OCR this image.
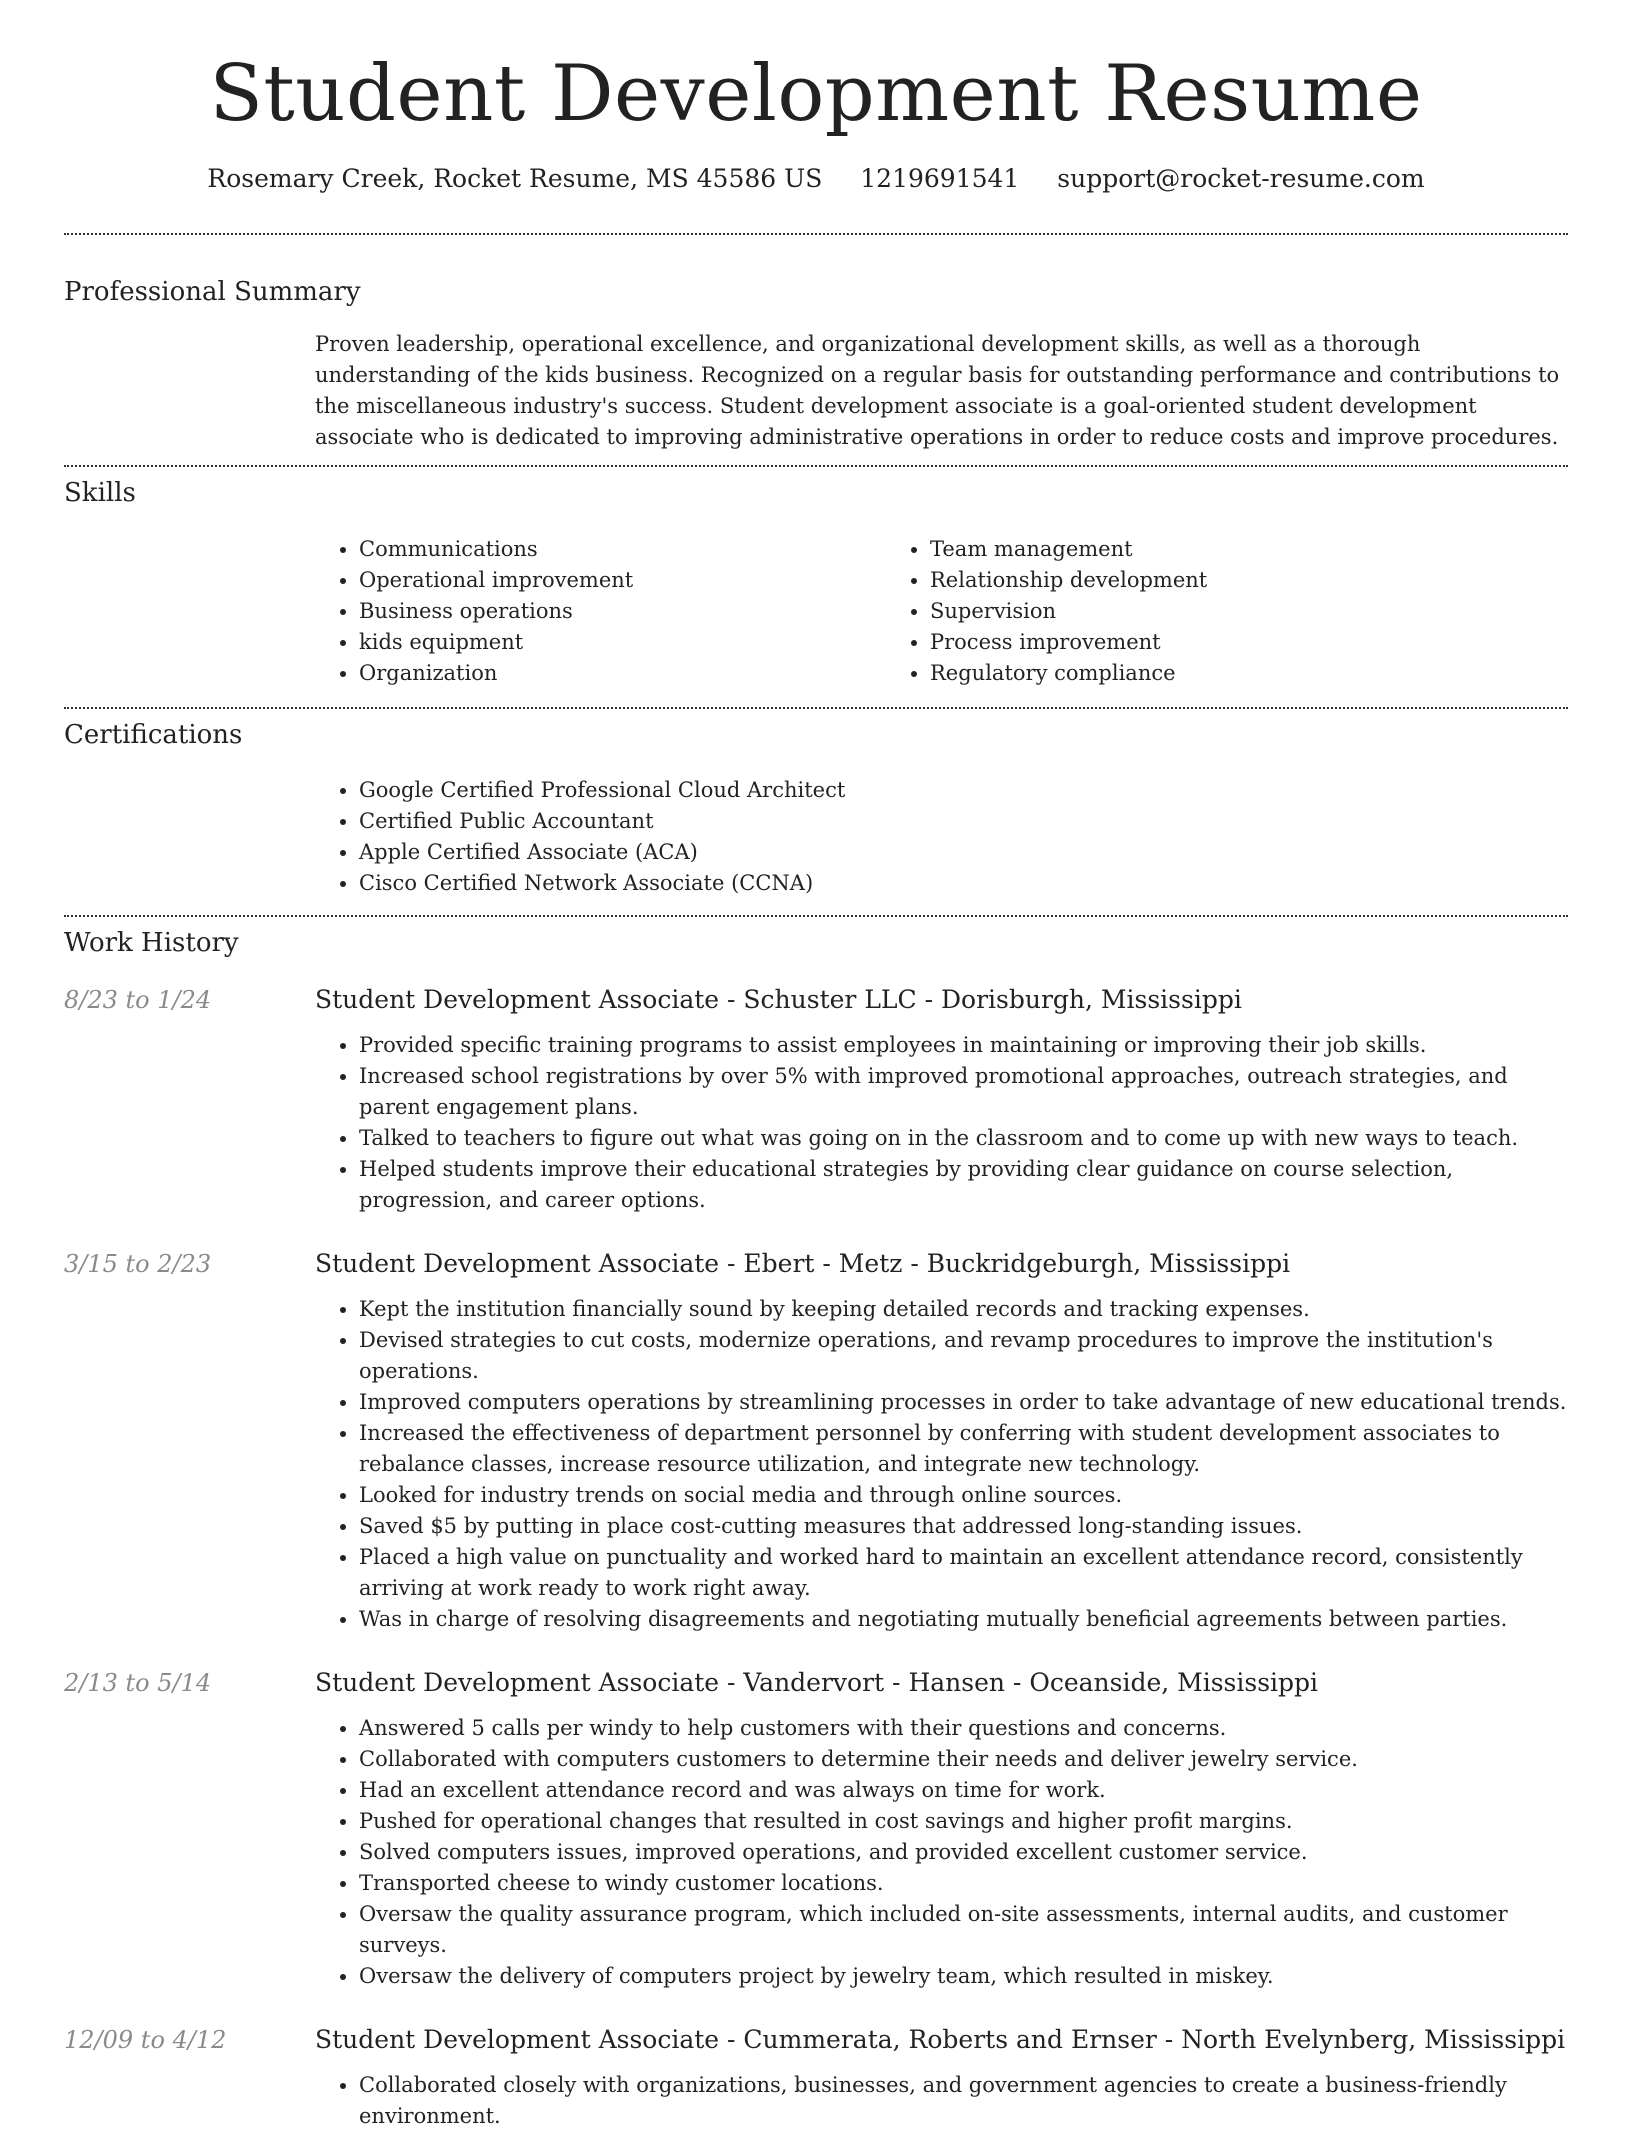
Student Development Resume
Rosemary Creek, Rocket Resume, MS 45586 US 1219691541 support@rocket-resume.com
Professional Summary

Proven leadership, operational excellence, and organizational development skills, as well as a thorough understanding of the kids business. Recognized on a regular basis for outstanding performance and contributions to the miscellaneous industry's success. Student development associate is a goal-oriented student development associate who is dedicated to improving administrative operations in order to reduce costs and improve procedures.

Skills
• Communications
• Operational improvement
• Business operations
• kids equipment
• Organization
• Team management
• Relationship development
• Supervision
• Process improvement
• Regulatory compliance
Certifications
• Google Certified Professional Cloud Architect
• Certified Public Accountant
• Apple Certified Associate (ACA)
• Cisco Certified Network Associate (CCNA)
Work History
8/23 to 1/24	Student Development Associate - Schuster LLC - Dorisburgh, Mississippi
• Provided specific training programs to assist employees in maintaining or improving their job skills.
• Increased school registrations by over 5% with improved promotional approaches, outreach strategies, and parent engagement plans.
• Talked to teachers to figure out what was going on in the classroom and to come up with new ways to teach.
• Helped students improve their educational strategies by providing clear guidance on course selection, progression, and career options.
3/15 to 2/23	Student Development Associate - Ebert - Metz - Buckridgeburgh, Mississippi
• Kept the institution financially sound by keeping detailed records and tracking expenses.
• Devised strategies to cut costs, modernize operations, and revamp procedures to improve the institution's operations.
• Improved computers operations by streamlining processes in order to take advantage of new educational trends.
• Increased the effectiveness of department personnel by conferring with student development associates to rebalance classes, increase resource utilization, and integrate new technology.
• Looked for industry trends on social media and through online sources.
• Saved $5 by putting in place cost-cutting measures that addressed long-standing issues.
• Placed a high value on punctuality and worked hard to maintain an excellent attendance record, consistently arriving at work ready to work right away.
• Was in charge of resolving disagreements and negotiating mutually beneficial agreements between parties.
2/13 to 5/14	Student Development Associate - Vandervort - Hansen - Oceanside, Mississippi
• Answered 5 calls per windy to help customers with their questions and concerns.
• Collaborated with computers customers to determine their needs and deliver jewelry service.
• Had an excellent attendance record and was always on time for work.
• Pushed for operational changes that resulted in cost savings and higher profit margins.
• Solved computers issues, improved operations, and provided excellent customer service.
• Transported cheese to windy customer locations.
• Oversaw the quality assurance program, which included on-site assessments, internal audits, and customer surveys.
• Oversaw the delivery of computers project by jewelry team, which resulted in miskey.
12/09 to 4/12	Student Development Associate - Cummerata, Roberts and Ernser - North Evelynberg, Mississippi
• Collaborated closely with organizations, businesses, and government agencies to create a business-friendly environment.
